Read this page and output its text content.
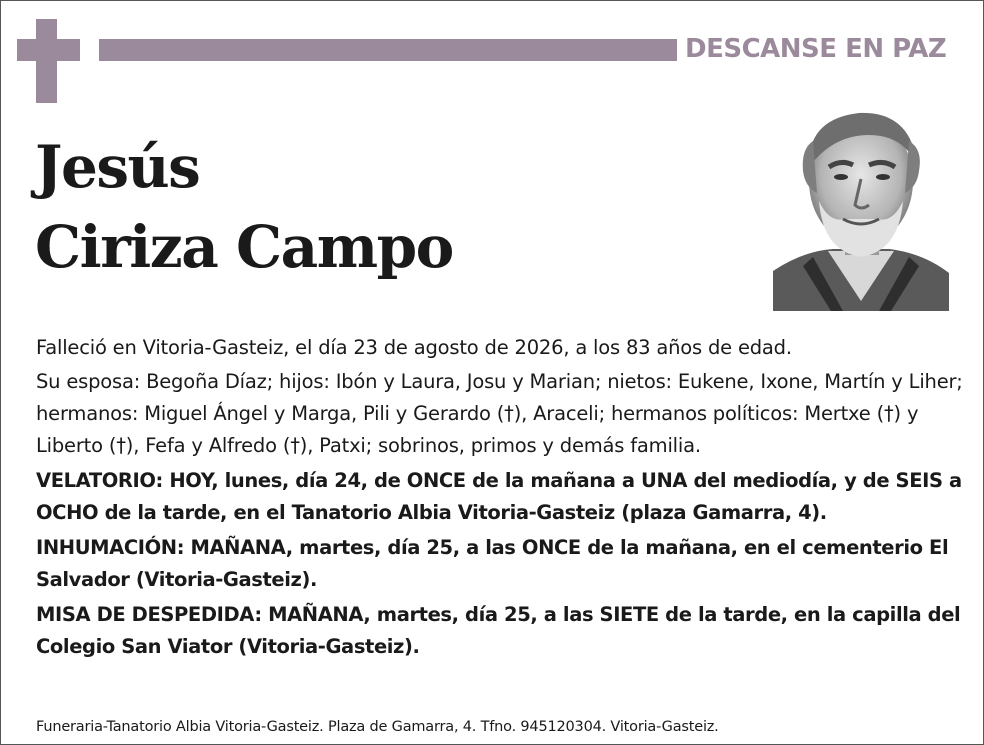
DESCANSE EN PAZ
Jesús
Ciriza Campo

Falleció en Vitoria-Gasteiz, el día 23 de agosto de 2026, a los 83 años de edad.

Su esposa: Begoña Díaz; hijos: Ibón y Laura, Josu y Marian; nietos: Eukene, Ixone, Martín y Liher; hermanos: Miguel Ángel y Marga, Pili y Gerardo (†), Araceli; hermanos políticos: Mertxe (†) y Liberto (†), Fefa y Alfredo (†), Patxi; sobrinos, primos y demás familia.

VELATORIO: HOY, lunes, día 24, de ONCE de la mañana a UNA del mediodía, y de SEIS a OCHO de la tarde, en el Tanatorio Albia Vitoria-Gasteiz (plaza Gamarra, 4).

INHUMACIÓN: MAÑANA, martes, día 25, a las ONCE de la mañana, en el cementerio El Salvador (Vitoria-Gasteiz).

MISA DE DESPEDIDA: MAÑANA, martes, día 25, a las SIETE de la tarde, en la capilla del Colegio San Viator (Vitoria-Gasteiz).

Funeraria-Tanatorio Albia Vitoria-Gasteiz. Plaza de Gamarra, 4. Tfno. 945120304. Vitoria-Gasteiz.
